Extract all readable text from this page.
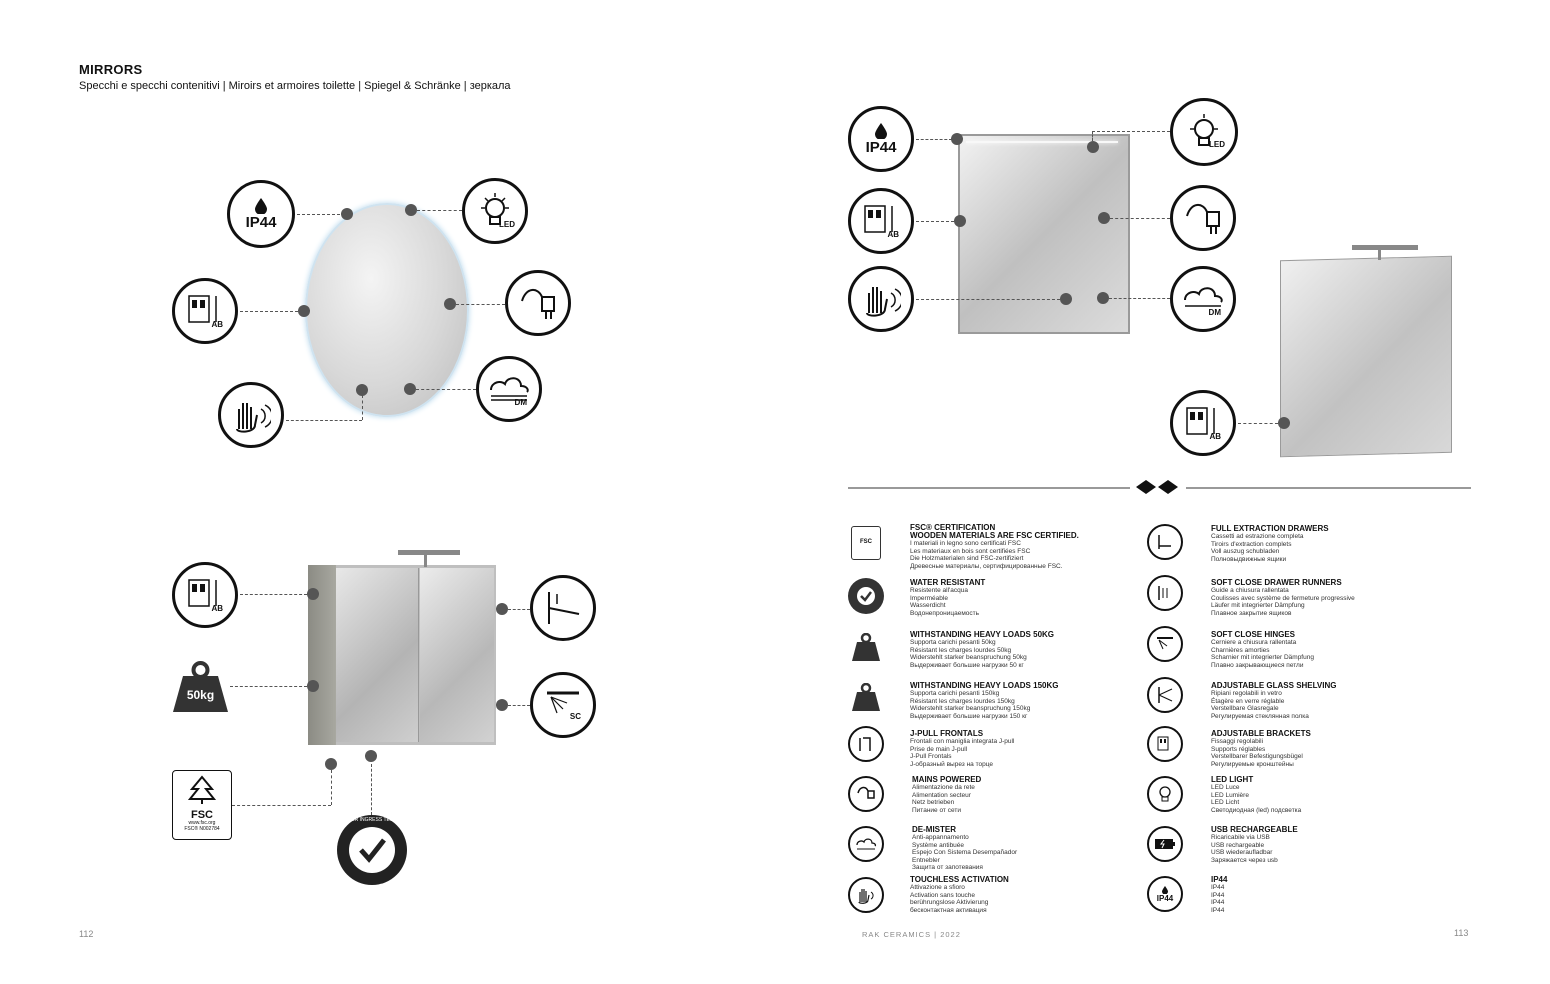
MIRRORS
Specchi e specchi contenitivi | Miroirs et armoires toilette | Spiegel & Schränke | зеркала
IP44	LED
AB
DM
AB
50kg
FSC
www.fsc.org
FSC® N002784
WATER INGRESS TESTED
SC
112
IP44
AB
LED
DM
AB
FSC
FSC® CERTIFICATION
WOODEN MATERIALS ARE FSC CERTIFIED.
I materiali in legno sono certificati FSC
Les materiaux en bois sont certifiées FSC
Die Holzmaterialen sind FSC-zertifiziert
Древесные материалы, сертифицированные FSC.
WATER RESISTANT
Resistente all'acqua
Imperméable
Wasserdicht
Водонепроницаемость
WITHSTANDING HEAVY LOADS 50KG
Supporta carichi pesanti 50kg
Résistant les charges lourdes 50kg
Widerstehlt starker beanspruchung 50kg
Выдерживает большие нагрузки 50 кг
WITHSTANDING HEAVY LOADS 150KG
Supporta carichi pesanti 150kg
Résistant les charges lourdes 150kg
Widerstehlt starker beanspruchung 150kg
Выдерживает большие нагрузки 150 кг
J-PULL FRONTALS
Frontali con maniglia integrata J-pull
Prise de main J-pull
J-Pull Frontals
J-образный вырез на торце
MAINS POWERED
Alimentazione da rete
Alimentation secteur
Netz betrieben
Питание от сети
DE-MISTER
Anti-appannamento
Système antibuée
Espejo Con Sistema Desempañador
Entnebler
Защита от запотевания
TOUCHLESS ACTIVATION
Attivazione a sfioro
Activation sans touche
berührungslose Aktivierung
бесконтактная активация
IP44
FULL EXTRACTION DRAWERS
Cassetti ad estrazione completa
Tiroirs d'extraction complets
Voll auszug schubladen
Полновыдвижные ящики
SOFT CLOSE DRAWER RUNNERS
Guide a chiusura rallentata
Coulisses avec système de fermeture progressive
Läufer mit integrierter Dämpfung
Плавное закрытие ящиков
SOFT CLOSE HINGES
Cerniere a chiusura rallentata
Charnières amorties
Scharnier mit integrierter Dämpfung
Плавно закрывающиеся петли
ADJUSTABLE GLASS SHELVING
Ripiani regolabili in vetro
Étagère en verre réglable
Verstellbare Glasregale
Регулируемая стеклянная полка
ADJUSTABLE BRACKETS
Fissaggi regolabili
Supports réglables
Verstellbarer Befestigungsbügel
Регулируемые кронштейны
LED LIGHT
LED Luce
LED Lumière
LED Licht
Светодиодная (led) подсветка
USB RECHARGEABLE
Ricaricabile via USB
USB rechargeable
USB wiederaufladbar
Заряжается через usb
IP44
IP44
IP44
IP44
IP44
RAK CERAMICS | 2022	113
